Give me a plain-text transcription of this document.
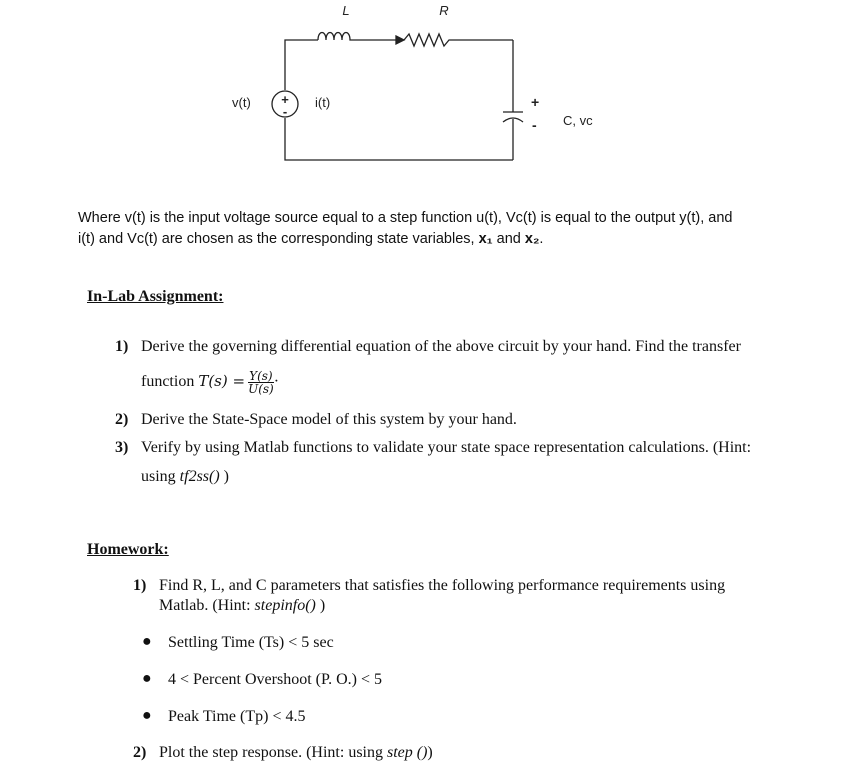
+
-
L	R
v(t)	i(t)	+
- C, vc
Where v(t) is the input voltage source equal to a step function u(t), Vc(t) is equal to the output y(t), and
i(t) and Vc(t) are chosen as the corresponding state variables, x₁ and x₂.
In-Lab Assignment:
1) Derive the governing differential equation of the above circuit by your hand. Find the transfer
function $T(s) = \frac{Y(s)}{U(s)}$ ·
2) Derive the State-Space model of this system by your hand.
3) Verify by using Matlab functions to validate your state space representation calculations. (Hint:
using tf2ss() )
Homework:
1) Find R, L, and C parameters that satisfies the following performance requirements using
Matlab. (Hint: stepinfo() )
● Settling Time (Ts) < 5 sec
● 4 < Percent Overshoot (P. O.) < 5
● Peak Time (Tp) < 4.5
2) Plot the step response. (Hint: using step ())
